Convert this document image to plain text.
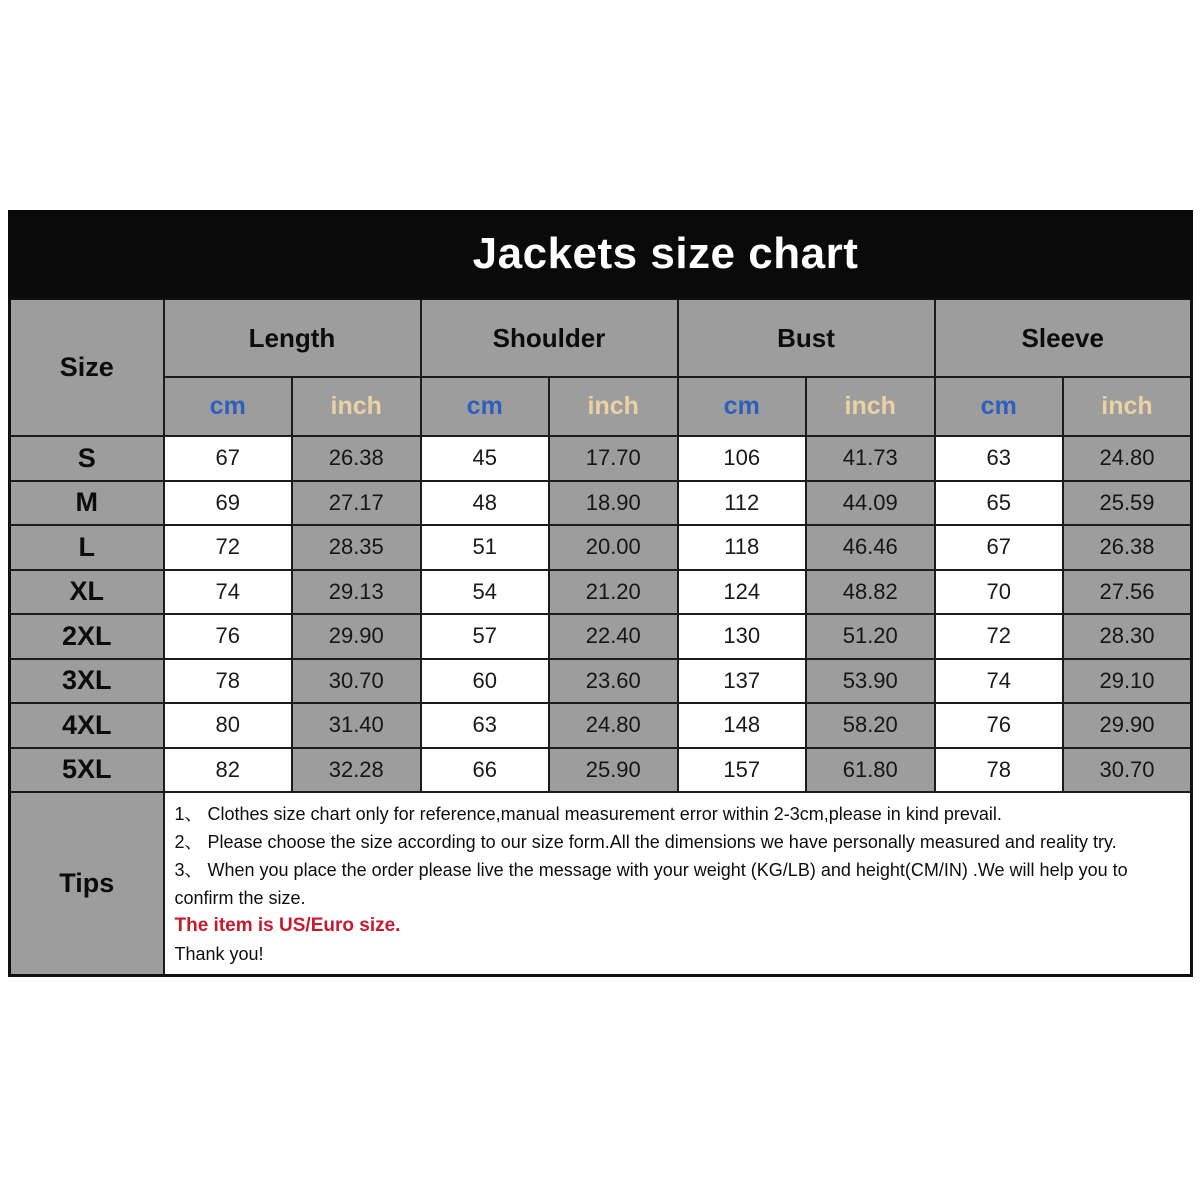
Jackets size chart
Size	Length		Shoulder		Bust		Sleeve	
	cm	inch	cm	inch	cm	inch	cm	inch
S	67	26.38	45	17.70	106	41.73	63	24.80
M	69	27.17	48	18.90	112	44.09	65	25.59
L	72	28.35	51	20.00	118	46.46	67	26.38
XL	74	29.13	54	21.20	124	48.82	70	27.56
2XL	76	29.90	57	22.40	130	51.20	72	28.30
3XL	78	30.70	60	23.60	137	53.90	74	29.10
4XL	80	31.40	63	24.80	148	58.20	76	29.90
5XL	82	32.28	66	25.90	157	61.80	78	30.70
Tips	1、 Clothes size chart only for reference,manual measurement error within 2-3cm,please in kind prevail.
2、 Please choose the size according to our size form.All the dimensions we have personally measured and reality try.
3、 When you place the order please live the message with your weight (KG/LB) and height(CM/IN) .We will help you to confirm the size.
The item is US/Euro size.
Thank you!							
